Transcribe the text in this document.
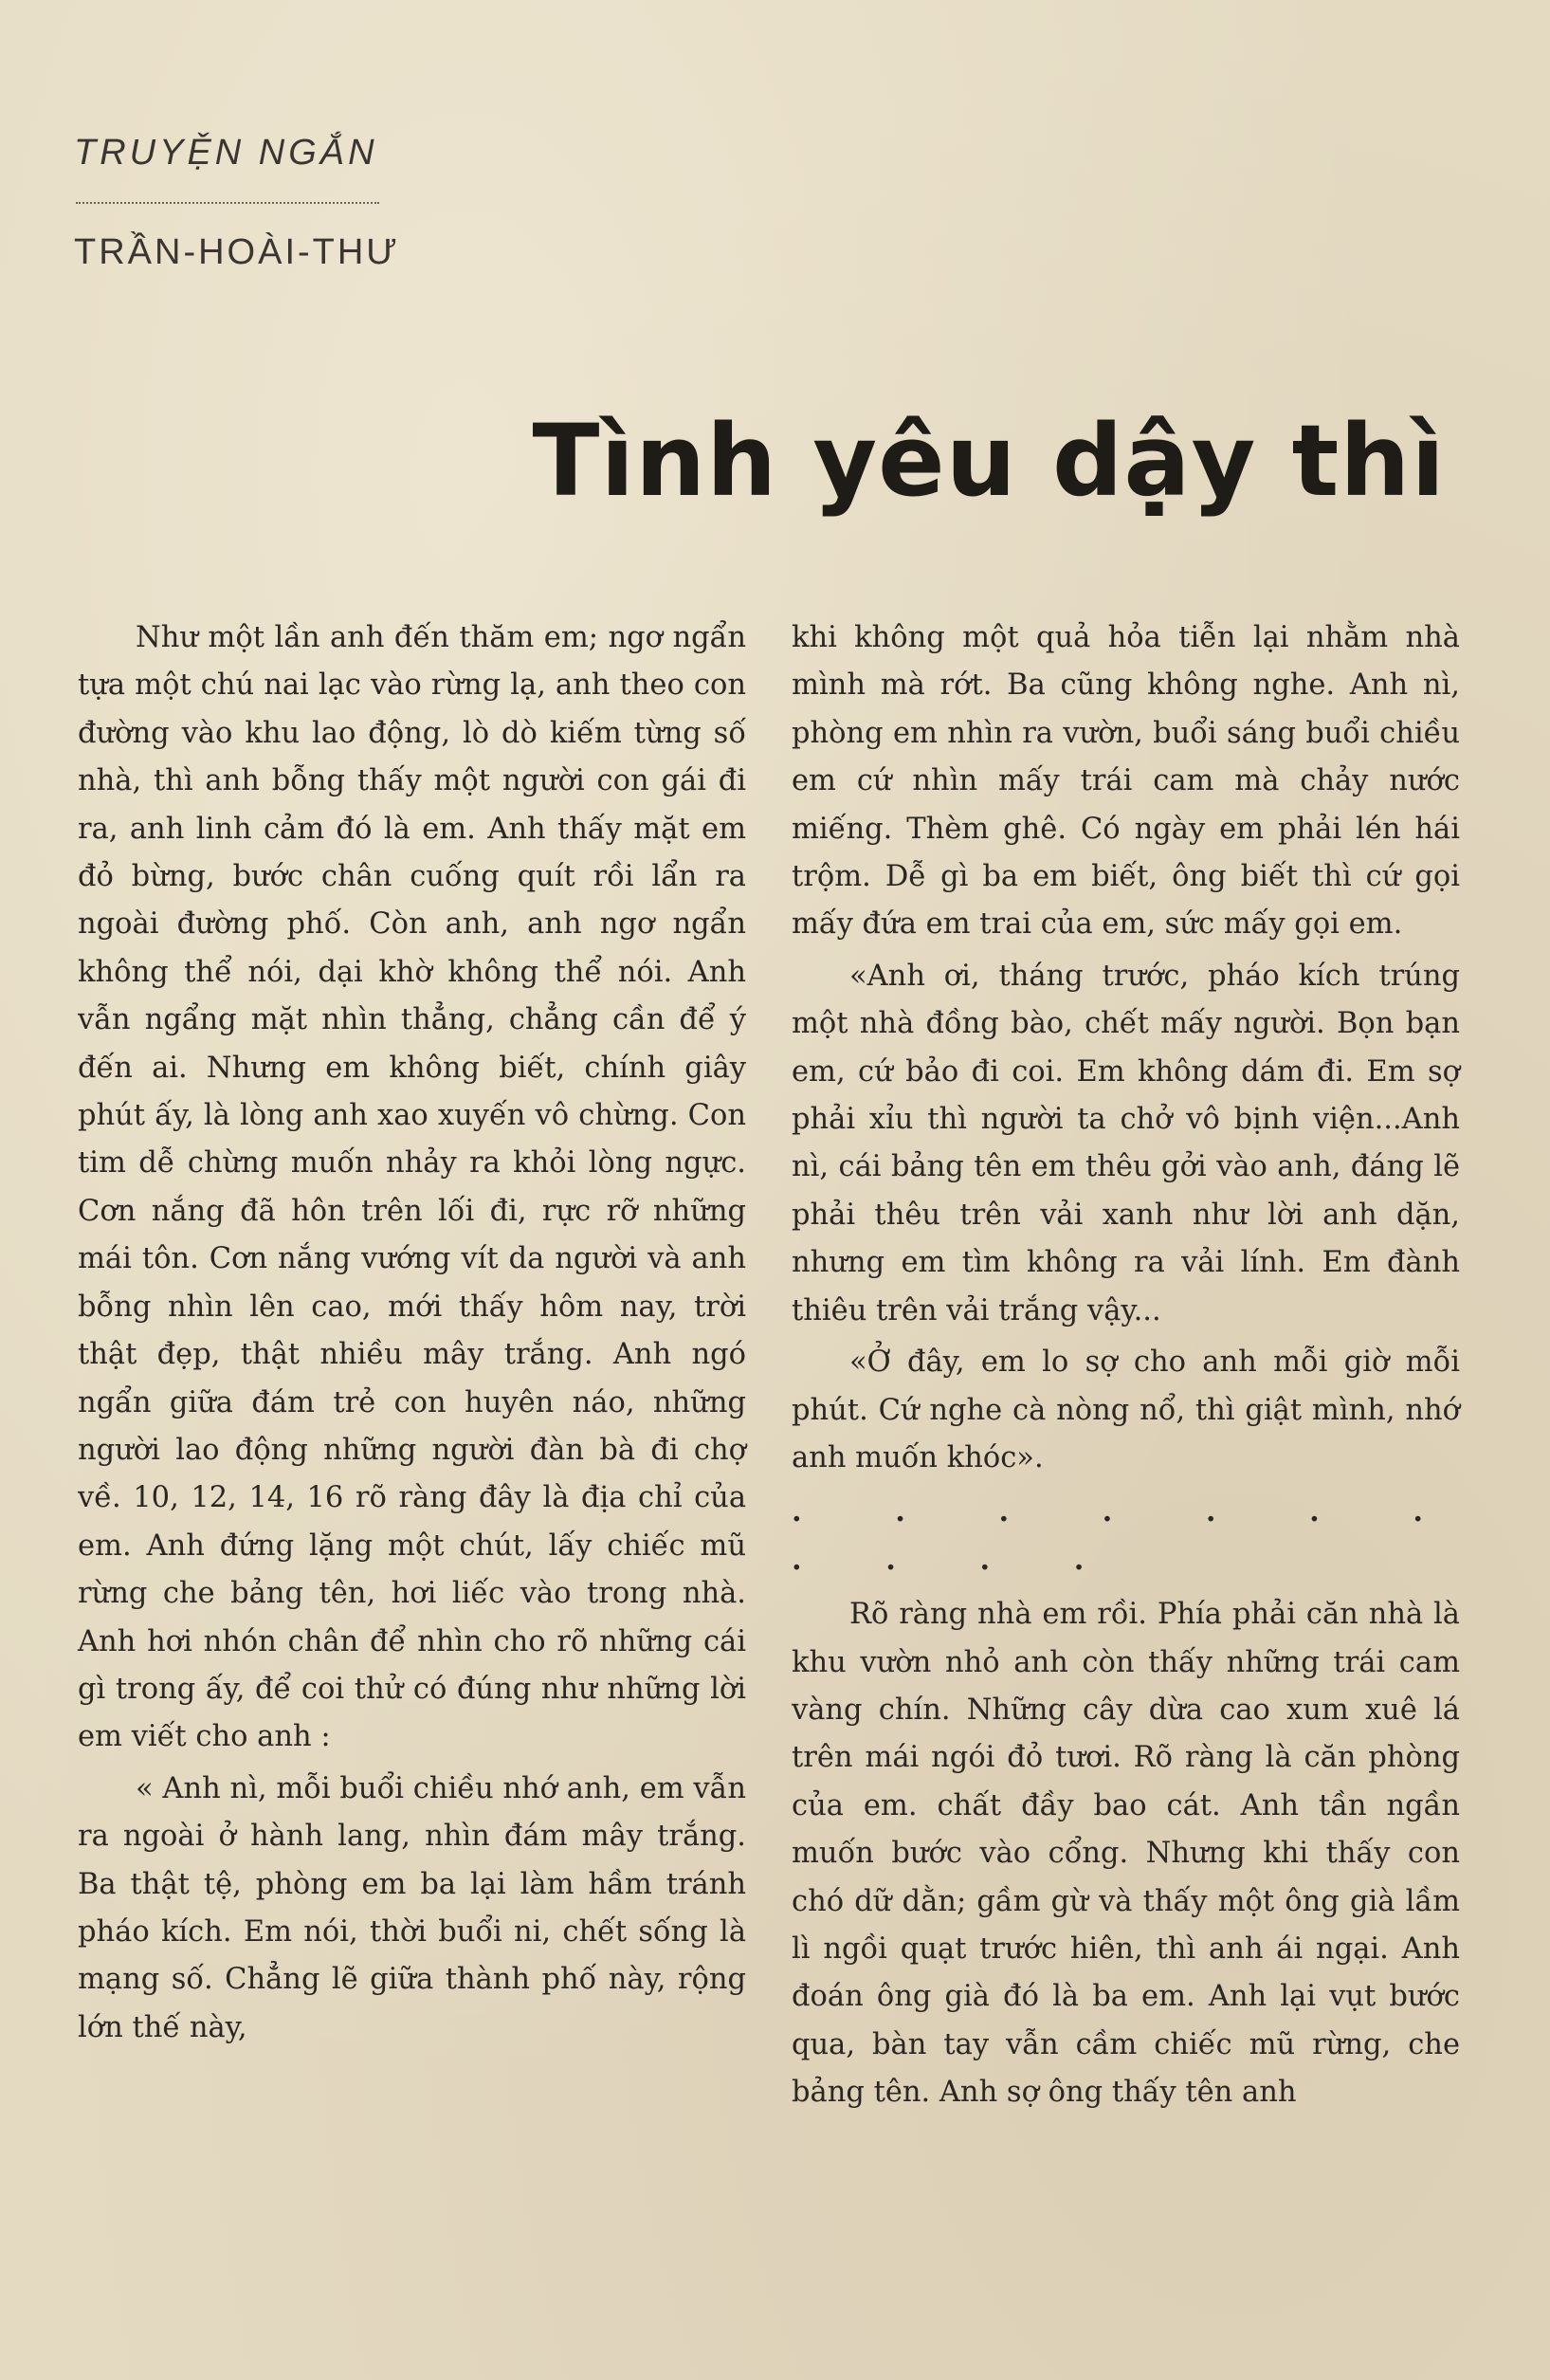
TRUYỆN NGẮN
TRẦN-HOÀI-THƯ
Tình yêu dậy thì

Như một lần anh đến thăm em; ngơ ngẩn tựa một chú nai lạc vào rừng lạ, anh theo con đường vào khu lao động, lò dò kiếm từng số nhà, thì anh bỗng thấy một người con gái đi ra, anh linh cảm đó là em. Anh thấy mặt em đỏ bừng, bước chân cuống quít rồi lẩn ra ngoài đường phố. Còn anh, anh ngơ ngẩn không thể nói, dại khờ không thể nói. Anh vẫn ngẩng mặt nhìn thẳng, chẳng cần để ý đến ai. Nhưng em không biết, chính giây phút ấy, là lòng anh xao xuyến vô chừng. Con tim dễ chừng muốn nhảy ra khỏi lòng ngực. Cơn nắng đã hôn trên lối đi, rực rỡ những mái tôn. Cơn nắng vướng vít da người và anh bỗng nhìn lên cao, mới thấy hôm nay, trời thật đẹp, thật nhiều mây trắng. Anh ngó ngẩn giữa đám trẻ con huyên náo, những người lao động những người đàn bà đi chợ về. 10, 12, 14, 16 rõ ràng đây là địa chỉ của em. Anh đứng lặng một chút, lấy chiếc mũ rừng che bảng tên, hơi liếc vào trong nhà. Anh hơi nhón chân để nhìn cho rõ những cái gì trong ấy, để coi thử có đúng như những lời em viết cho anh :

« Anh nì, mỗi buổi chiều nhớ anh, em vẫn ra ngoài ở hành lang, nhìn đám mây trắng. Ba thật tệ, phòng em ba lại làm hầm tránh pháo kích. Em nói, thời buổi ni, chết sống là mạng số. Chẳng lẽ giữa thành phố này, rộng lớn thế này,

khi không một quả hỏa tiễn lại nhằm nhà mình mà rớt. Ba cũng không nghe. Anh nì, phòng em nhìn ra vườn, buổi sáng buổi chiều em cứ nhìn mấy trái cam mà chảy nước miếng. Thèm ghê. Có ngày em phải lén hái trộm. Dễ gì ba em biết, ông biết thì cứ gọi mấy đứa em trai của em, sức mấy gọi em.

«Anh ơi, tháng trước, pháo kích trúng một nhà đồng bào, chết mấy người. Bọn bạn em, cứ bảo đi coi. Em không dám đi. Em sợ phải xỉu thì người ta chở vô bịnh viện...Anh nì, cái bảng tên em thêu gởi vào anh, đáng lẽ phải thêu trên vải xanh như lời anh dặn, nhưng em tìm không ra vải lính. Em đành thiêu trên vải trắng vậy...

«Ở đây, em lo sợ cho anh mỗi giờ mỗi phút. Cứ nghe cà nòng nổ, thì giật mình, nhớ anh muốn khóc».

. . . . . . . . . . .

Rõ ràng nhà em rồi. Phía phải căn nhà là khu vườn nhỏ anh còn thấy những trái cam vàng chín. Những cây dừa cao xum xuê lá trên mái ngói đỏ tươi. Rõ ràng là căn phòng của em. chất đầy bao cát. Anh tần ngần muốn bước vào cổng. Nhưng khi thấy con chó dữ dằn; gầm gừ và thấy một ông già lầm lì ngồi quạt trước hiên, thì anh ái ngại. Anh đoán ông già đó là ba em. Anh lại vụt bước qua, bàn tay vẫn cầm chiếc mũ rừng, che bảng tên. Anh sợ ông thấy tên anh
